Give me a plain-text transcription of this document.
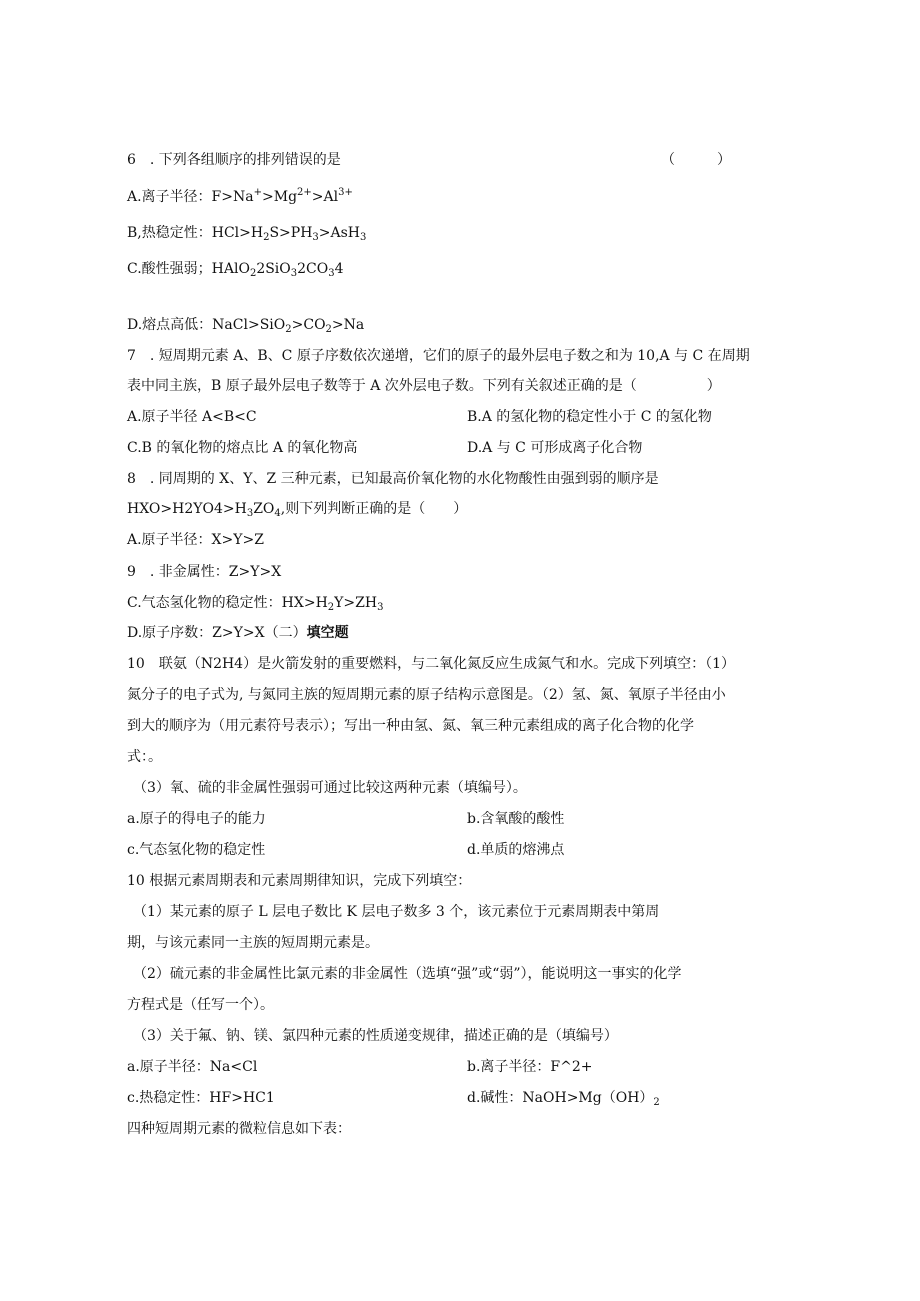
6　. 下列各组顺序的排列错误的是	（　　　）
A.离子半径：$F>Na^+>Mg^{2+}>Al^{3+}$
B,热稳定性：$HCl>H_2S>PH_3>AsH_3$
C.酸性强弱；$HAlO_22SiO_32CO_34$
D.熔点高低：$NaCl>SiO_2>CO_2>Na$
7　. 短周期元素 A、B、C 原子序数依次递增，它们的原子的最外层电子数之和为 10,A 与 C 在周期
表中同主族，B 原子最外层电子数等于 A 次外层电子数。下列有关叙述正确的是（　　　　　）
A.原子半径 A<B<C	B.A 的氢化物的稳定性小于 C 的氢化物
C.B 的氧化物的熔点比 A 的氧化物高	D.A 与 C 可形成离子化合物
8　. 同周期的 X、Y、Z 三种元素，已知最高价氧化物的水化物酸性由强到弱的顺序是
$HXO>H2YO4>H_3ZO_4$,则下列判断正确的是（　　）
A.原子半径：X>Y>Z
9　. 非金属性：Z>Y>X
C.气态氢化物的稳定性：$HX>H_2Y>ZH_3$
D.原子序数：Z>Y>X（二）填空题
10　联氨（N2H4）是火箭发射的重要燃料，与二氧化氮反应生成氮气和水。完成下列填空：（1）
氮分子的电子式为, 与氮同主族的短周期元素的原子结构示意图是。（2）氢、氮、氧原子半径由小
到大的顺序为（用元素符号表示）；写出一种由氢、氮、氧三种元素组成的离子化合物的化学
式：。
（3）氧、硫的非金属性强弱可通过比较这两种元素（填编号）。
a.原子的得电子的能力	b.含氧酸的酸性
c.气态氢化物的稳定性	d.单质的熔沸点
10 根据元素周期表和元素周期律知识，完成下列填空：
（1）某元素的原子 L 层电子数比 K 层电子数多 3 个，该元素位于元素周期表中第周
期，与该元素同一主族的短周期元素是。
（2）硫元素的非金属性比氯元素的非金属性（选填“强”或“弱”），能说明这一事实的化学
方程式是（任写一个）。
（3）关于氟、钠、镁、氯四种元素的性质递变规律，描述正确的是（填编号）
a.原子半径：Na<Cl	b.离子半径：F^2+
c.热稳定性：HF>HC1	d.碱性：$NaOH>Mg(OH)_2$
四种短周期元素的微粒信息如下表：
